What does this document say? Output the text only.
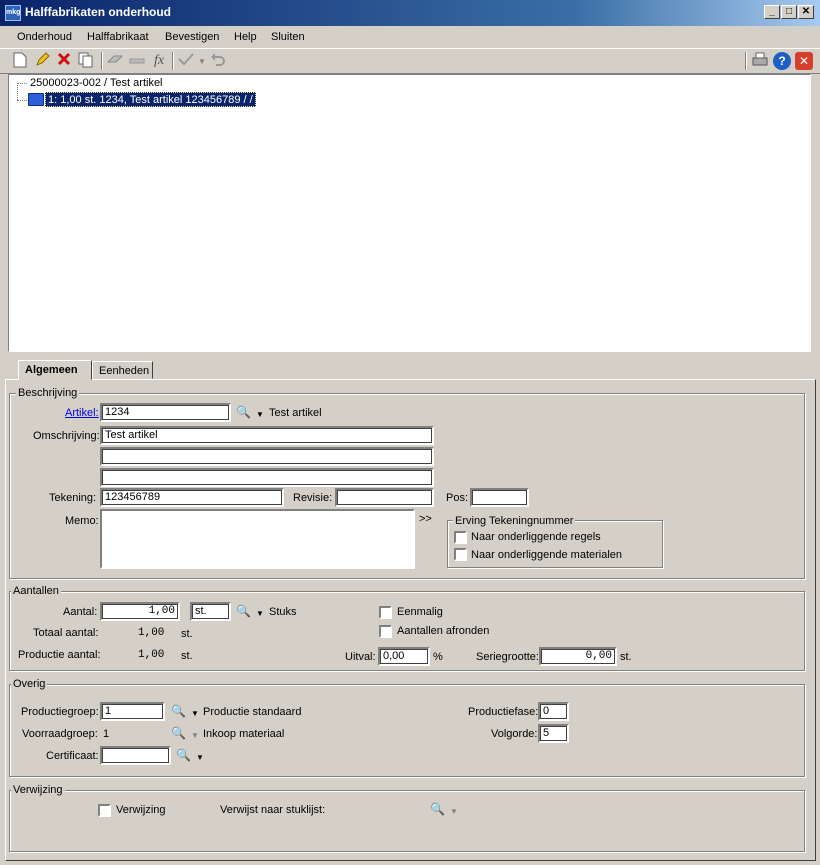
mkg Halffabrikaten onderhoud	_	□ ✕
Onderhoud Halffabrikaat Bevestigen Help Sluiten
fx	▼	?	✕
25000023-002 / Test artikel
1: 1,00 st. 1234, Test artikel 123456789 / /
Algemeen	Eenheden
Beschrijving
Artikel: 1234	🔍 ▼ Test artikel
Omschrijving: Test artikel
Tekening: 123456789	Revisie:	Pos:
Memo:	>> Erving Tekeningnummer
Naar onderliggende regels
Naar onderliggende materialen
Aantallen
Aantal:	1,00	st.	🔍 ▼ Stuks
Totaal aantal:	1,00 st.
Productie aantal:	1,00 st.
Eenmalig
Aantallen afronden
Uitval: 0,00	%	Seriegrootte:	0,00 st.
Overig
Productiegroep: 1	🔍 ▼ Productie standaard
Voorraadgroep: 1	🔍 ▼ Inkoop materiaal
Certificaat:	🔍 ▼
Productiefase: 0
Volgorde: 5
Verwijzing
Verwijzing	Verwijst naar stuklijst:	🔍 ▼
